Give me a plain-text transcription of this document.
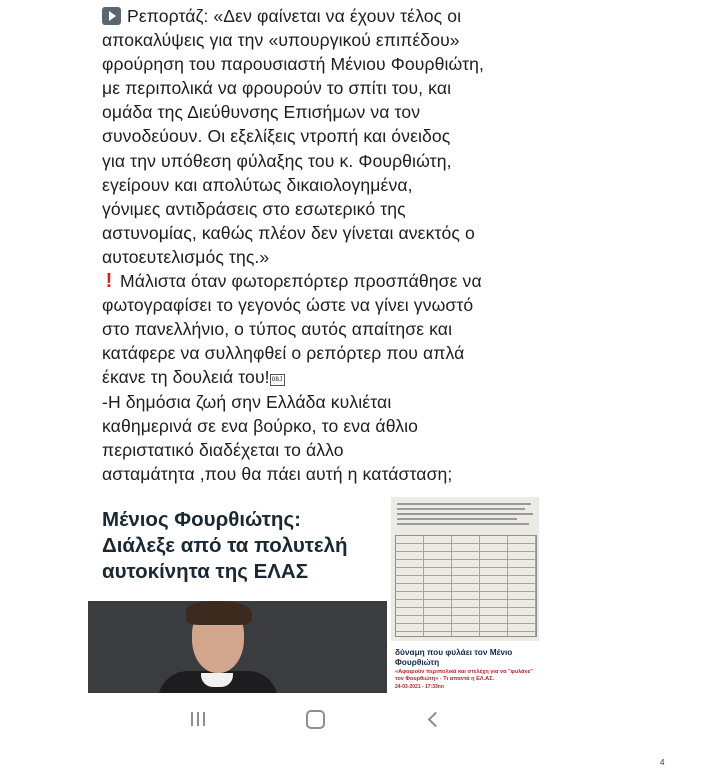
Ρεπορτάζ: «Δεν φαίνεται να έχουν τέλος οι
αποκαλύψεις για την «υπουργικού επιπέδου»
φρούρηση του παρουσιαστή Μένιου Φουρθιώτη,
με περιπολικά να φρουρούν το σπίτι του, και
ομάδα της Διεύθυνσης Επισήμων να τον
συνοδεύουν. Οι εξελίξεις ντροπή και όνειδος
για την υπόθεση φύλαξης του κ. Φουρθιώτη,
εγείρουν και απολύτως δικαιολογημένα,
γόνιμες αντιδράσεις στο εσωτερικό της
αστυνομίας, καθώς πλέον δεν γίνεται ανεκτός ο
αυτοευτελισμός της.»
! Μάλιστα όταν φωτορεπόρτερ προσπάθησε να
φωτογραφίσει το γεγονός ώστε να γίνει γνωστό
στο πανελλήνιο, ο τύπος αυτός απαίτησε και
κατάφερε να συλληφθεί ο ρεπόρτερ που απλά
έκανε τη δουλειά του! OBJ
-Η δημόσια ζωή σην Ελλάδα κυλιέται
καθημερινά σε ενα βούρκο, το ενα άθλιο
περιστατικό διαδέχεται το άλλο
ασταμάτητα ,που θα πάει αυτή η κατάσταση;
Μένιος Φουρθιώτης:
Διάλεξε από τα πολυτελή
αυτοκίνητα της ΕΛΑΣ
δύναμη που φυλάει τον Μένιο Φουρθιώτη
«Αφαιρούν περιπολικά και στελέχη για να "φυλάνε" τον Φουρθιώτη» - Τι απαντά η ΕΛ.ΑΣ.
24-03-2021 - 17:33nn
4
